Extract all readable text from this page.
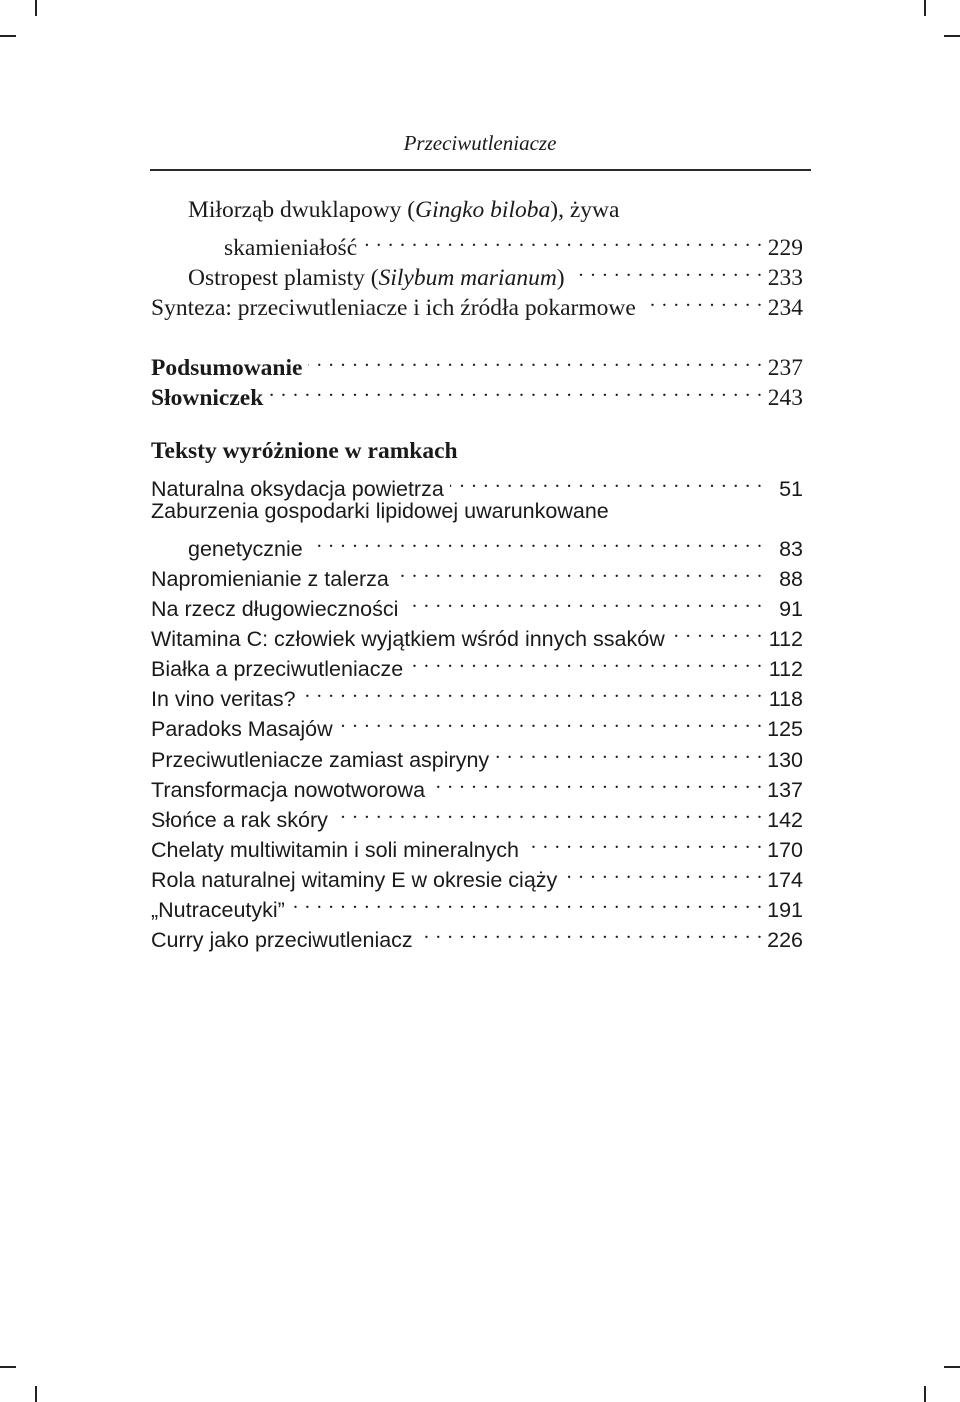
Przeciwutleniacze
Miłorząb dwuklapowy (Gingko biloba), żywa
skamieniałość . . .	229
Ostropest plamisty (Silybum marianum) . . .	233
Synteza: przeciwutleniacze i ich źródła pokarmowe . . .	234
Podsumowanie . . .	237
Słowniczek . . .	243
Teksty wyróżnione w ramkach
Naturalna oksydacja powietrza . . .	51
Zaburzenia gospodarki lipidowej uwarunkowane
genetycznie . . .	83
Napromienianie z talerza . . .	88
Na rzecz długowieczności . . .	91
Witamina C: człowiek wyjątkiem wśród innych ssaków . . .	112
Białka a przeciwutleniacze . . .	112
In vino veritas? . . .	118
Paradoks Masajów . . .	125
Przeciwutleniacze zamiast aspiryny . . .	130
Transformacja nowotworowa . . .	137
Słońce a rak skóry . . .	142
Chelaty multiwitamin i soli mineralnych . . .	170
Rola naturalnej witaminy E w okresie ciąży . . .	174
„Nutraceutyki” . . .	191
Curry jako przeciwutleniacz . . .	226
